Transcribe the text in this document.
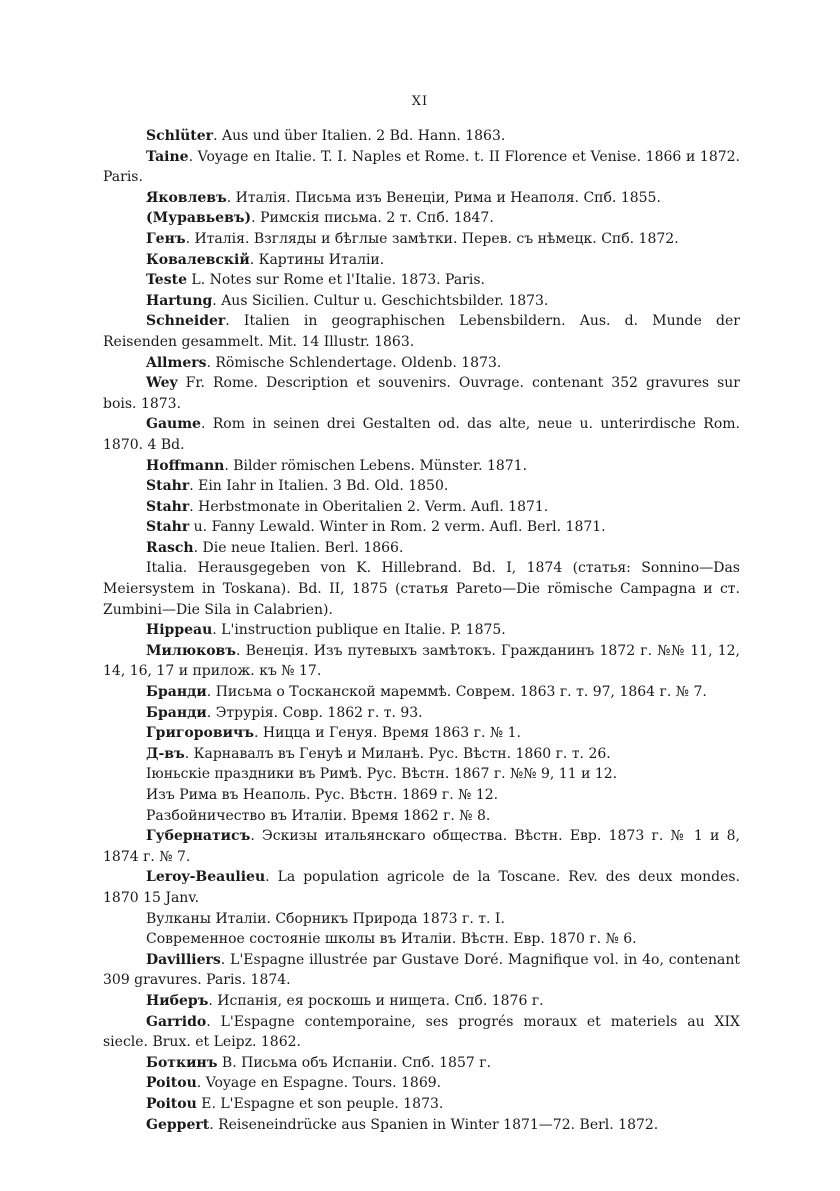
XI

Schlüter. Aus und über Italien. 2 Bd. Hann. 1863.

Taine. Voyage en Italie. T. I. Naples et Rome. t. II Florence et Venise. 1866 и 1872. Paris.

Яковлевъ. Италія. Письма изъ Венеціи, Рима и Неаполя. Спб. 1855.

(Муравьевъ). Римскія письма. 2 т. Спб. 1847.

Генъ. Италія. Взгляды и бѣглые замѣтки. Перев. съ нѣмецк. Спб. 1872.

Ковалевскій. Картины Италіи.

Teste L. Notes sur Rome et l'Italie. 1873. Paris.

Hartung. Aus Sicilien. Cultur u. Geschichtsbilder. 1873.

Schneider. Italien in geographischen Lebensbildern. Aus. d. Munde der Reisenden gesammelt. Mit. 14 Illustr. 1863.

Allmers. Römische Schlendertage. Oldenb. 1873.

Wey Fr. Rome. Description et souvenirs. Ouvrage. contenant 352 gravures sur bois. 1873.

Gaume. Rom in seinen drei Gestalten od. das alte, neue u. unterirdische Rom. 1870. 4 Bd.

Hoffmann. Bilder römischen Lebens. Münster. 1871.

Stahr. Ein Iahr in Italien. 3 Bd. Old. 1850.

Stahr. Herbstmonate in Oberitalien 2. Verm. Aufl. 1871.

Stahr u. Fanny Lewald. Winter in Rom. 2 verm. Aufl. Berl. 1871.

Rasch. Die neue Italien. Berl. 1866.

Italia. Herausgegeben von K. Hillebrand. Bd. I, 1874 (статья: Sonnino—Das Meiersystem in Toskana). Bd. II, 1875 (статья Pareto—Die römische Campagna и ст. Zumbini—Die Sila in Calabrien).

Hippeau. L'instruction publique en Italie. P. 1875.

Милюковъ. Венеція. Изъ путевыхъ замѣтокъ. Гражданинъ 1872 г. №№ 11, 12, 14, 16, 17 и прилож. къ № 17.

Бранди. Письма о Тосканской мареммѣ. Соврем. 1863 г. т. 97, 1864 г. № 7.

Бранди. Этрурія. Совр. 1862 г. т. 93.

Григоровичъ. Ницца и Генуя. Время 1863 г. № 1.

Д-въ. Карнавалъ въ Генуѣ и Миланѣ. Рус. Вѣстн. 1860 г. т. 26.

Іюньскіе праздники въ Римѣ. Рус. Вѣстн. 1867 г. №№ 9, 11 и 12.

Изъ Рима въ Неаполь. Рус. Вѣстн. 1869 г. № 12.

Разбойничество въ Италіи. Время 1862 г. № 8.

Губернатисъ. Эскизы итальянскаго общества. Вѣстн. Евр. 1873 г. № 1 и 8, 1874 г. № 7.

Leroy-Beaulieu. La population agricole de la Toscane. Rev. des deux mondes. 1870 15 Janv.

Вулканы Италіи. Сборникъ Природа 1873 г. т. I.

Современное состояніе школы въ Италіи. Вѣстн. Евр. 1870 г. № 6.

Davilliers. L'Espagne illustrée par Gustave Doré. Magnifique vol. in 4o, contenant 309 gravures. Paris. 1874.

Ниберъ. Испанія, ея роскошь и нищета. Спб. 1876 г.

Garrido. L'Espagne contemporaine, ses progrés moraux et materiels au XIX siecle. Brux. et Leipz. 1862.

Боткинъ В. Письма объ Испаніи. Спб. 1857 г.

Poitou. Voyage en Espagne. Tours. 1869.

Poitou E. L'Espagne et son peuple. 1873.

Geppert. Reiseneindrücke aus Spanien in Winter 1871—72. Berl. 1872.
